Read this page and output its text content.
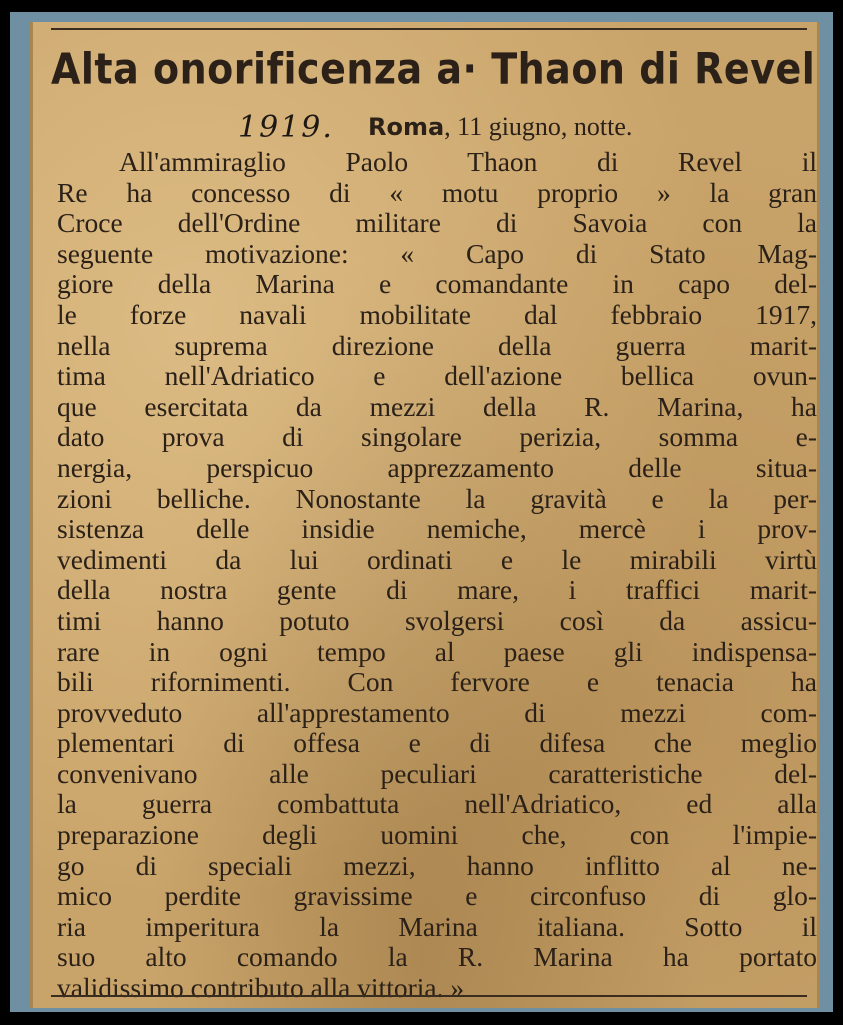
Alta onorificenza a· Thaon di Revel
1919. Roma, 11 giugno, notte.
All'ammiraglio Paolo Thaon di Revel il
Re ha concesso di « motu proprio » la gran
Croce dell'Ordine militare di Savoia con la
seguente motivazione: « Capo di Stato Mag-
giore della Marina e comandante in capo del-
le forze navali mobilitate dal febbraio 1917,
nella suprema direzione della guerra marit-
tima nell'Adriatico e dell'azione bellica ovun-
que esercitata da mezzi della R. Marina, ha
dato prova di singolare perizia, somma e-
nergia, perspicuo apprezzamento delle situa-
zioni belliche. Nonostante la gravità e la per-
sistenza delle insidie nemiche, mercè i prov-
vedimenti da lui ordinati e le mirabili virtù
della nostra gente di mare, i traffici marit-
timi hanno potuto svolgersi così da assicu-
rare in ogni tempo al paese gli indispensa-
bili rifornimenti. Con fervore e tenacia ha
provveduto all'apprestamento di mezzi com-
plementari di offesa e di difesa che meglio
convenivano alle peculiari caratteristiche del-
la guerra combattuta nell'Adriatico, ed alla
preparazione degli uomini che, con l'impie-
go di speciali mezzi, hanno inflitto al ne-
mico perdite gravissime e circonfuso di glo-
ria imperitura la Marina italiana. Sotto il
suo alto comando la R. Marina ha portato
validissimo contributo alla vittoria. »
